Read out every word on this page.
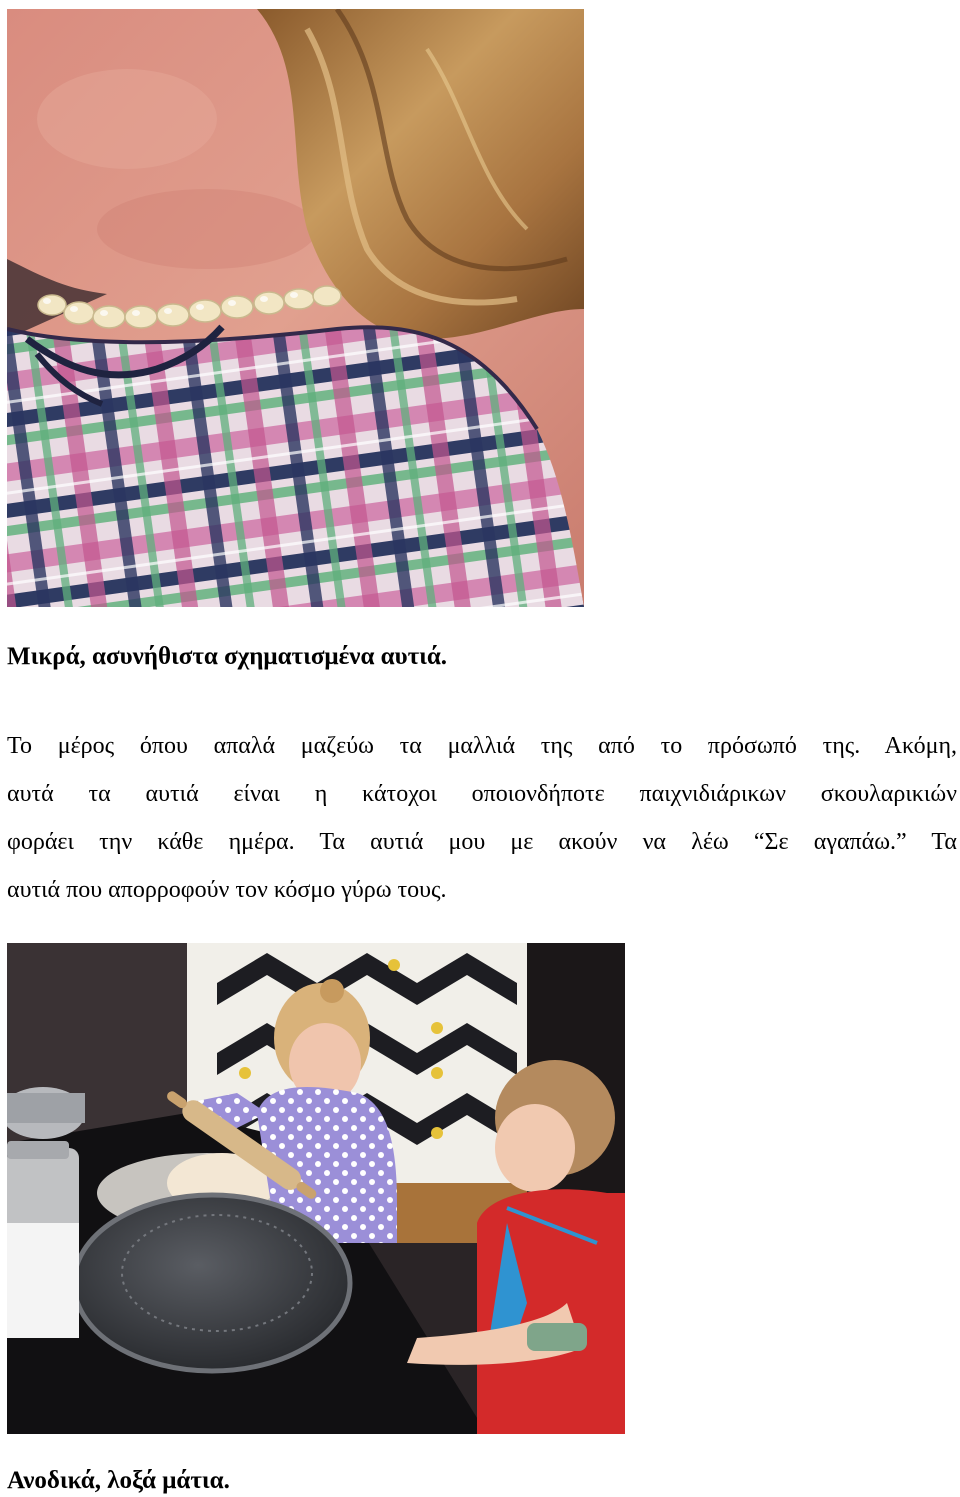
Μικρά, ασυνήθιστα σχηματισμένα αυτιά.
Το μέρος όπου απαλά μαζεύω τα μαλλιά της από το πρόσωπό της. Ακόμη,
αυτά τα αυτιά είναι η κάτοχοι οποιονδήποτε παιχνιδιάρικων σκουλαρικιών
φοράει την κάθε ημέρα. Τα αυτιά μου με ακούν να λέω “Σε αγαπάω.” Τα
αυτιά που απορροφούν τον κόσμο γύρω τους.
Ανοδικά, λοξά μάτια.
